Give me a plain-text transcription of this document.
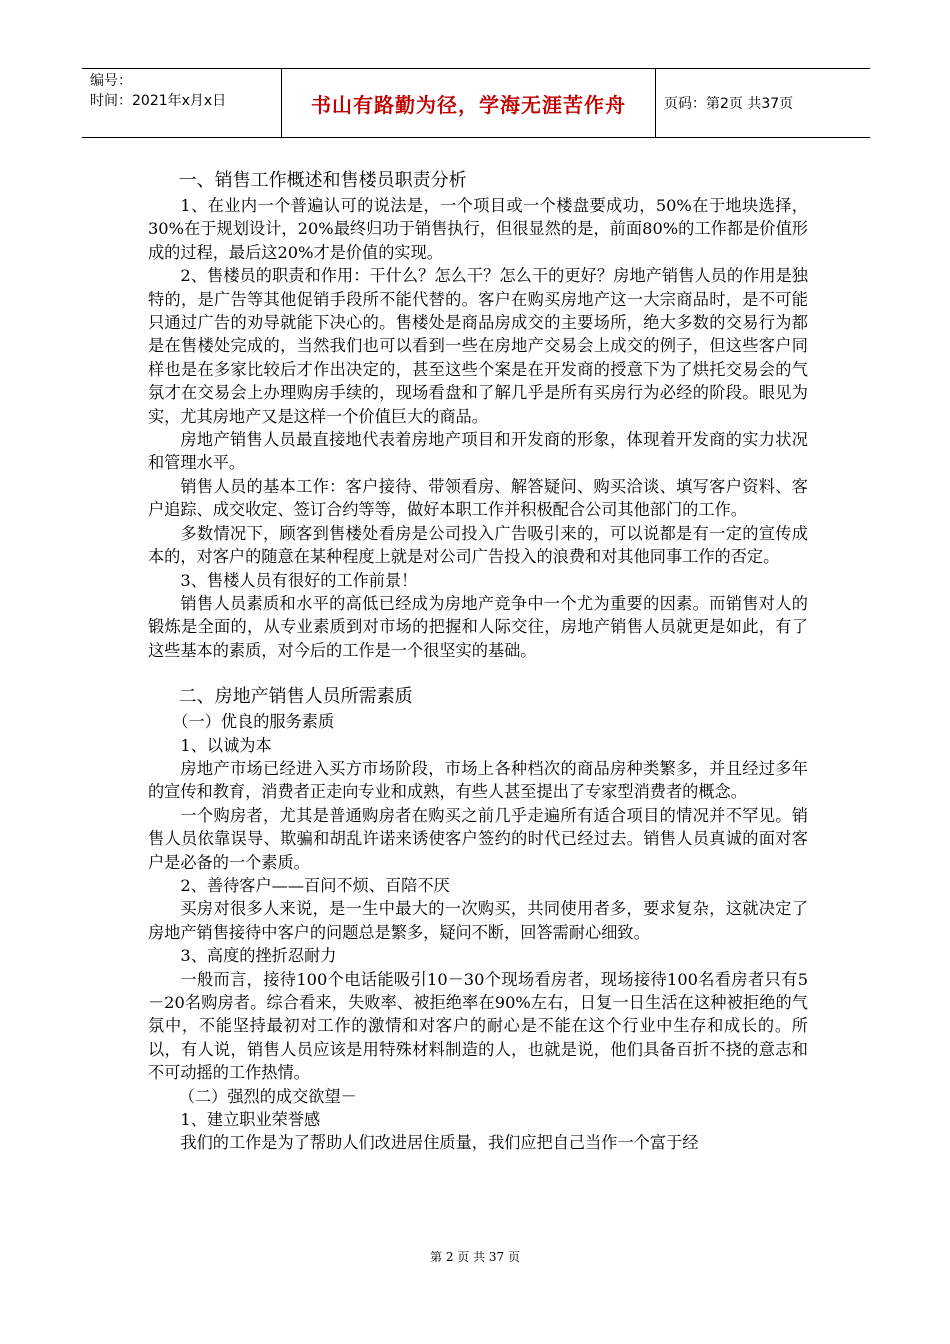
编号：
时间：2021年x月x日	书山有路勤为径，学海无涯苦作舟	页码：第2页 共37页

一、销售工作概述和售楼员职责分析

1、在业内一个普遍认可的说法是，一个项目或一个楼盘要成功，50%在于地块选择，30%在于规划设计，20%最终归功于销售执行，但很显然的是，前面80%的工作都是价值形成的过程，最后这20%才是价值的实现。

2、售楼员的职责和作用：干什么？怎么干？怎么干的更好？房地产销售人员的作用是独特的，是广告等其他促销手段所不能代替的。客户在购买房地产这一大宗商品时，是不可能只通过广告的劝导就能下决心的。售楼处是商品房成交的主要场所，绝大多数的交易行为都是在售楼处完成的，当然我们也可以看到一些在房地产交易会上成交的例子，但这些客户同样也是在多家比较后才作出决定的，甚至这些个案是在开发商的授意下为了烘托交易会的气氛才在交易会上办理购房手续的，现场看盘和了解几乎是所有买房行为必经的阶段。眼见为实，尤其房地产又是这样一个价值巨大的商品。

房地产销售人员最直接地代表着房地产项目和开发商的形象，体现着开发商的实力状况和管理水平。

销售人员的基本工作：客户接待、带领看房、解答疑问、购买洽谈、填写客户资料、客户追踪、成交收定、签订合约等等，做好本职工作并积极配合公司其他部门的工作。

多数情况下，顾客到售楼处看房是公司投入广告吸引来的，可以说都是有一定的宣传成本的，对客户的随意在某种程度上就是对公司广告投入的浪费和对其他同事工作的否定。

3、售楼人员有很好的工作前景！

销售人员素质和水平的高低已经成为房地产竞争中一个尤为重要的因素。而销售对人的锻炼是全面的，从专业素质到对市场的把握和人际交往，房地产销售人员就更是如此，有了这些基本的素质，对今后的工作是一个很坚实的基础。

二、房地产销售人员所需素质

（一）优良的服务素质

1、以诚为本

房地产市场已经进入买方市场阶段，市场上各种档次的商品房种类繁多，并且经过多年的宣传和教育，消费者正走向专业和成熟，有些人甚至提出了专家型消费者的概念。

一个购房者，尤其是普通购房者在购买之前几乎走遍所有适合项目的情况并不罕见。销售人员依靠误导、欺骗和胡乱许诺来诱使客户签约的时代已经过去。销售人员真诚的面对客户是必备的一个素质。

2、善待客户——百问不烦、百陪不厌

买房对很多人来说，是一生中最大的一次购买，共同使用者多，要求复杂，这就决定了房地产销售接待中客户的问题总是繁多，疑问不断，回答需耐心细致。

3、高度的挫折忍耐力

一般而言，接待100个电话能吸引10－30个现场看房者，现场接待100名看房者只有5－20名购房者。综合看来，失败率、被拒绝率在90%左右，日复一日生活在这种被拒绝的气氛中，不能坚持最初对工作的激情和对客户的耐心是不能在这个行业中生存和成长的。所以，有人说，销售人员应该是用特殊材料制造的人，也就是说，他们具备百折不挠的意志和不可动摇的工作热情。

（二）强烈的成交欲望－

1、建立职业荣誉感

我们的工作是为了帮助人们改进居住质量，我们应把自己当作一个富于经

第 2 页 共 37 页
